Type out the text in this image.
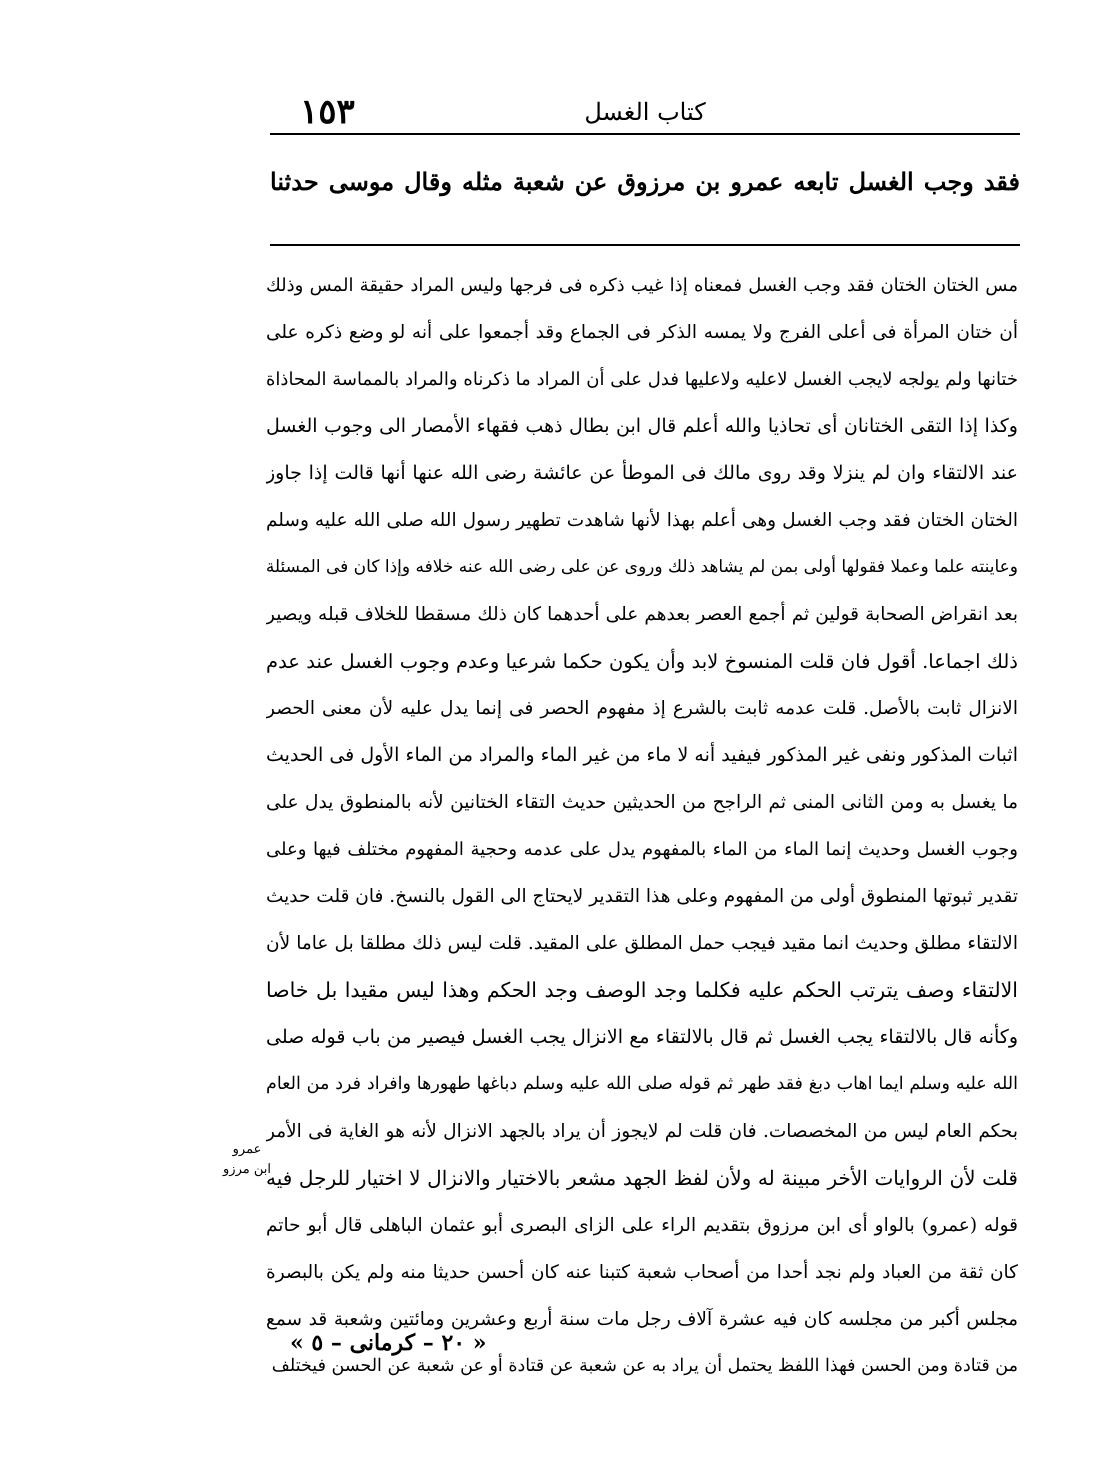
١٥٣	كتاب الغسل
فقد وجب الغسل تابعه عمرو بن مرزوق عن شعبة مثله وقال موسى حدثنا
مس الختان الختان فقد وجب الغسل فمعناه إذا غيب ذكره فى فرجها وليس المراد حقيقة المس وذلك
أن ختان المرأة فى أعلى الفرج ولا يمسه الذكر فى الجماع وقد أجمعوا على أنه لو وضع ذكره على
ختانها ولم يولجه لايجب الغسل لاعليه ولاعليها فدل على أن المراد ما ذكرناه والمراد بالمماسة المحاذاة
وكذا إذا التقى الختانان أى تحاذيا والله أعلم قال ابن بطال ذهب فقهاء الأمصار الى وجوب الغسل
عند الالتقاء وان لم ينزلا وقد روى مالك فى الموطأ عن عائشة رضى الله عنها أنها قالت إذا جاوز
الختان الختان فقد وجب الغسل وهى أعلم بهذا لأنها شاهدت تطهير رسول الله صلى الله عليه وسلم
وعاينته علما وعملا فقولها أولى بمن لم يشاهد ذلك وروى عن على رضى الله عنه خلافه وإذا كان فى المسئلة
بعد انقراض الصحابة قولين ثم أجمع العصر بعدهم على أحدهما كان ذلك مسقطا للخلاف قبله ويصير
ذلك اجماعا. أقول فان قلت المنسوخ لابد وأن يكون حكما شرعيا وعدم وجوب الغسل عند عدم
الانزال ثابت بالأصل. قلت عدمه ثابت بالشرع إذ مفهوم الحصر فى إنما يدل عليه لأن معنى الحصر
اثبات المذكور ونفى غير المذكور فيفيد أنه لا ماء من غير الماء والمراد من الماء الأول فى الحديث
ما يغسل به ومن الثانى المنى ثم الراجح من الحديثين حديث التقاء الختانين لأنه بالمنطوق يدل على
وجوب الغسل وحديث إنما الماء من الماء بالمفهوم يدل على عدمه وحجية المفهوم مختلف فيها وعلى
تقدير ثبوتها المنطوق أولى من المفهوم وعلى هذا التقدير لايحتاج الى القول بالنسخ. فان قلت حديث
الالتقاء مطلق وحديث انما مقيد فيجب حمل المطلق على المقيد. قلت ليس ذلك مطلقا بل عاما لأن
الالتقاء وصف يترتب الحكم عليه فكلما وجد الوصف وجد الحكم وهذا ليس مقيدا بل خاصا
وكأنه قال بالالتقاء يجب الغسل ثم قال بالالتقاء مع الانزال يجب الغسل فيصير من باب قوله صلى
الله عليه وسلم ايما اهاب دبغ فقد طهر ثم قوله صلى الله عليه وسلم دباغها طهورها وافراد فرد من العام
بحكم العام ليس من المخصصات. فان قلت لم لايجوز أن يراد بالجهد الانزال لأنه هو الغاية فى الأمر
قلت لأن الروايات الأخر مبينة له ولأن لفظ الجهد مشعر بالاختيار والانزال لا اختيار للرجل فيه
قوله (عمرو) بالواو أى ابن مرزوق بتقديم الراء على الزاى البصرى أبو عثمان الباهلى قال أبو حاتم
كان ثقة من العباد ولم نجد أحدا من أصحاب شعبة كتبنا عنه كان أحسن حديثا منه ولم يكن بالبصرة
مجلس أكبر من مجلسه كان فيه عشرة آلاف رجل مات سنة أربع وعشرين ومائتين وشعبة قد سمع
من قتادة ومن الحسن فهذا اللفظ يحتمل أن يراد به عن شعبة عن قتادة أو عن شعبة عن الحسن فيختلف
عمرو
ابن مرزو
« ٢٠ – كرمانى – ٥ »
